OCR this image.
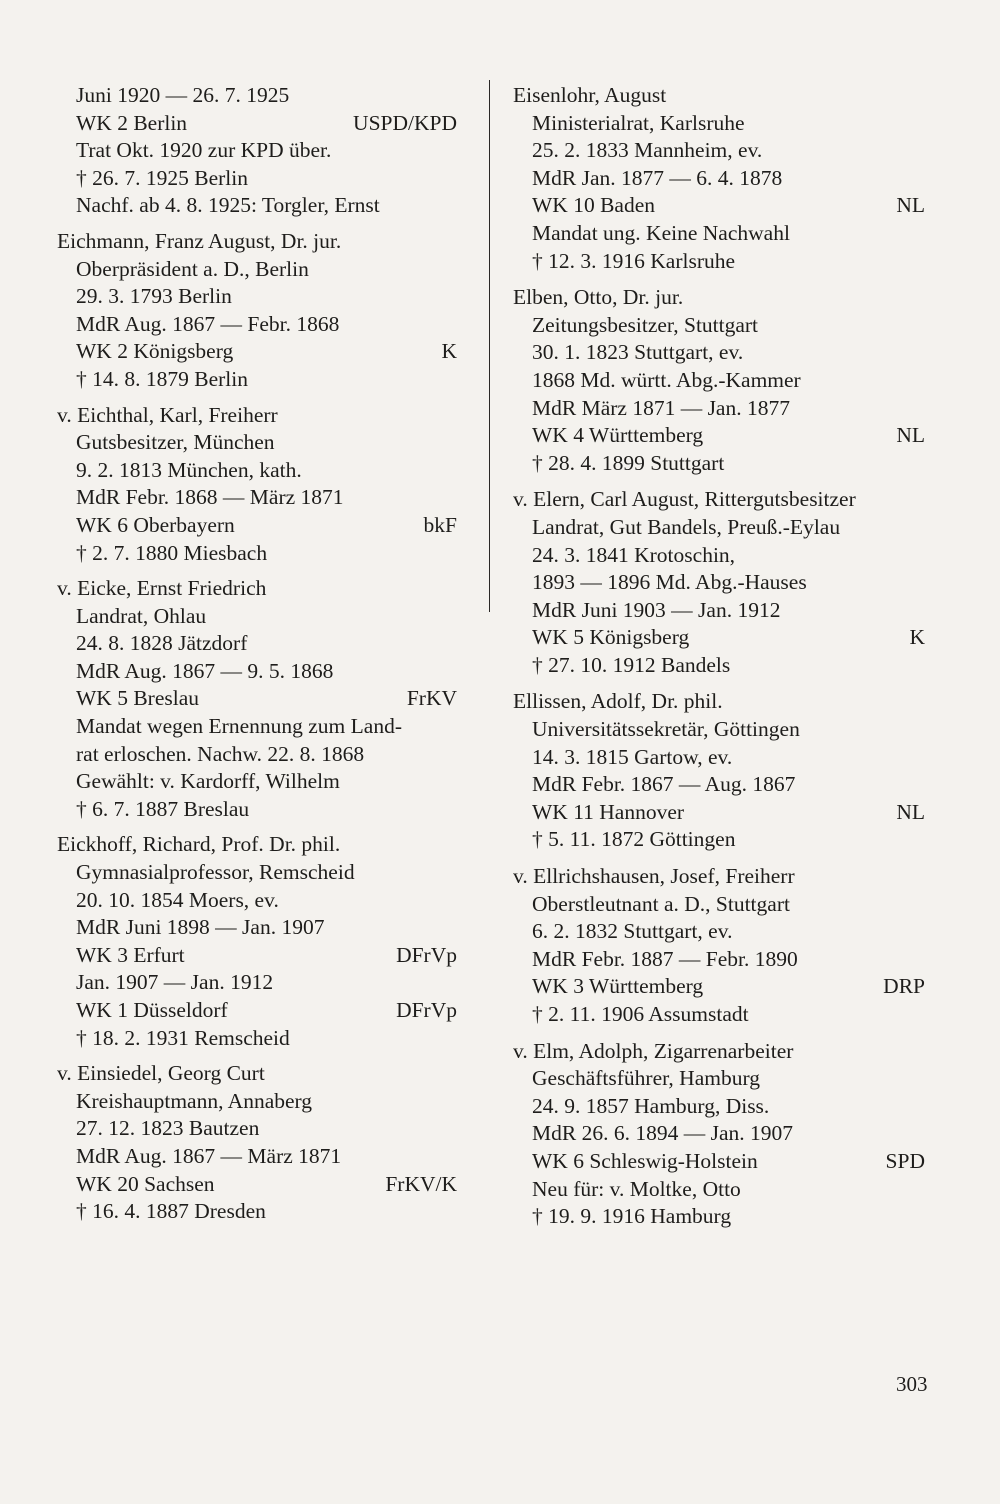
Juni 1920 — 26. 7. 1925
WK 2 Berlin	USPD/KPD
Trat Okt. 1920 zur KPD über.
† 26. 7. 1925 Berlin
Nachf. ab 4. 8. 1925: Torgler, Ernst
Eichmann, Franz August, Dr. jur.
Oberpräsident a. D., Berlin
29. 3. 1793 Berlin
MdR Aug. 1867 — Febr. 1868
WK 2 Königsberg	K
† 14. 8. 1879 Berlin
v. Eichthal, Karl, Freiherr
Gutsbesitzer, München
9. 2. 1813 München, kath.
MdR Febr. 1868 — März 1871
WK 6 Oberbayern	bkF
† 2. 7. 1880 Miesbach
v. Eicke, Ernst Friedrich
Landrat, Ohlau
24. 8. 1828 Jätzdorf
MdR Aug. 1867 — 9. 5. 1868
WK 5 Breslau	FrKV
Mandat wegen Ernennung zum Land-
rat erloschen. Nachw. 22. 8. 1868
Gewählt: v. Kardorff, Wilhelm
† 6. 7. 1887 Breslau
Eickhoff, Richard, Prof. Dr. phil.
Gymnasialprofessor, Remscheid
20. 10. 1854 Moers, ev.
MdR Juni 1898 — Jan. 1907
WK 3 Erfurt	DFrVp
Jan. 1907 — Jan. 1912
WK 1 Düsseldorf	DFrVp
† 18. 2. 1931 Remscheid
v. Einsiedel, Georg Curt
Kreishauptmann, Annaberg
27. 12. 1823 Bautzen
MdR Aug. 1867 — März 1871
WK 20 Sachsen	FrKV/K
† 16. 4. 1887 Dresden
Eisenlohr, August
Ministerialrat, Karlsruhe
25. 2. 1833 Mannheim, ev.
MdR Jan. 1877 — 6. 4. 1878
WK 10 Baden	NL
Mandat ung. Keine Nachwahl
† 12. 3. 1916 Karlsruhe
Elben, Otto, Dr. jur.
Zeitungsbesitzer, Stuttgart
30. 1. 1823 Stuttgart, ev.
1868 Md. württ. Abg.-Kammer
MdR März 1871 — Jan. 1877
WK 4 Württemberg	NL
† 28. 4. 1899 Stuttgart
v. Elern, Carl August, Rittergutsbesitzer
Landrat, Gut Bandels, Preuß.-Eylau
24. 3. 1841 Krotoschin,
1893 — 1896 Md. Abg.-Hauses
MdR Juni 1903 — Jan. 1912
WK 5 Königsberg	K
† 27. 10. 1912 Bandels
Ellissen, Adolf, Dr. phil.
Universitätssekretär, Göttingen
14. 3. 1815 Gartow, ev.
MdR Febr. 1867 — Aug. 1867
WK 11 Hannover	NL
† 5. 11. 1872 Göttingen
v. Ellrichshausen, Josef, Freiherr
Oberstleutnant a. D., Stuttgart
6. 2. 1832 Stuttgart, ev.
MdR Febr. 1887 — Febr. 1890
WK 3 Württemberg	DRP
† 2. 11. 1906 Assumstadt
v. Elm, Adolph, Zigarrenarbeiter
Geschäftsführer, Hamburg
24. 9. 1857 Hamburg, Diss.
MdR 26. 6. 1894 — Jan. 1907
WK 6 Schleswig-Holstein	SPD
Neu für: v. Moltke, Otto
† 19. 9. 1916 Hamburg
303
